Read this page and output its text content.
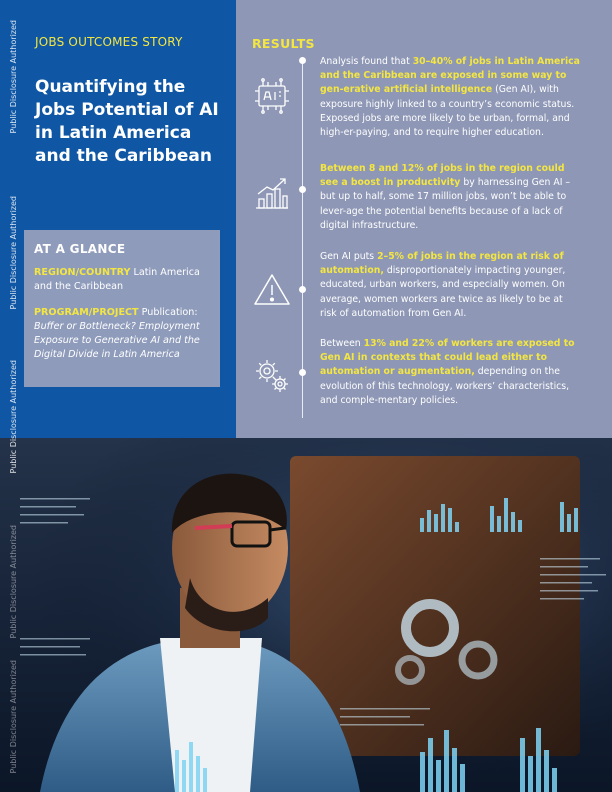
JOBS OUTCOMES STORY
Quantifying the Jobs Potential of AI in Latin America and the Caribbean
AT A GLANCE
REGION/COUNTRY Latin America and the Caribbean
PROGRAM/PROJECT Publication: Buffer or Bottleneck? Employment Exposure to Generative AI and the Digital Divide in Latin America
RESULTS
Analysis found that 30–40% of jobs in Latin America and the Caribbean are exposed in some way to gen-erative artificial intelligence (Gen AI), with exposure highly linked to a country’s economic status. Exposed jobs are more likely to be urban, formal, and high-er-paying, and to require higher education.
Between 8 and 12% of jobs in the region could see a boost in productivity by harnessing Gen AI – but up to half, some 17 million jobs, won’t be able to lever-age the potential benefits because of a lack of digital infrastructure.
Gen AI puts 2–5% of jobs in the region at risk of automation, disproportionately impacting younger, educated, urban workers, and especially women. On average, women workers are twice as likely to be at risk of automation from Gen AI.
Between 13% and 22% of workers are exposed to Gen AI in contexts that could lead either to automation or augmentation, depending on the evolution of this technology, workers’ characteristics, and comple-mentary policies.
Public Disclosure Authorized
Public Disclosure Authorized
Public Disclosure Authorized
Public Disclosure Authorized
Public Disclosure Authorized
